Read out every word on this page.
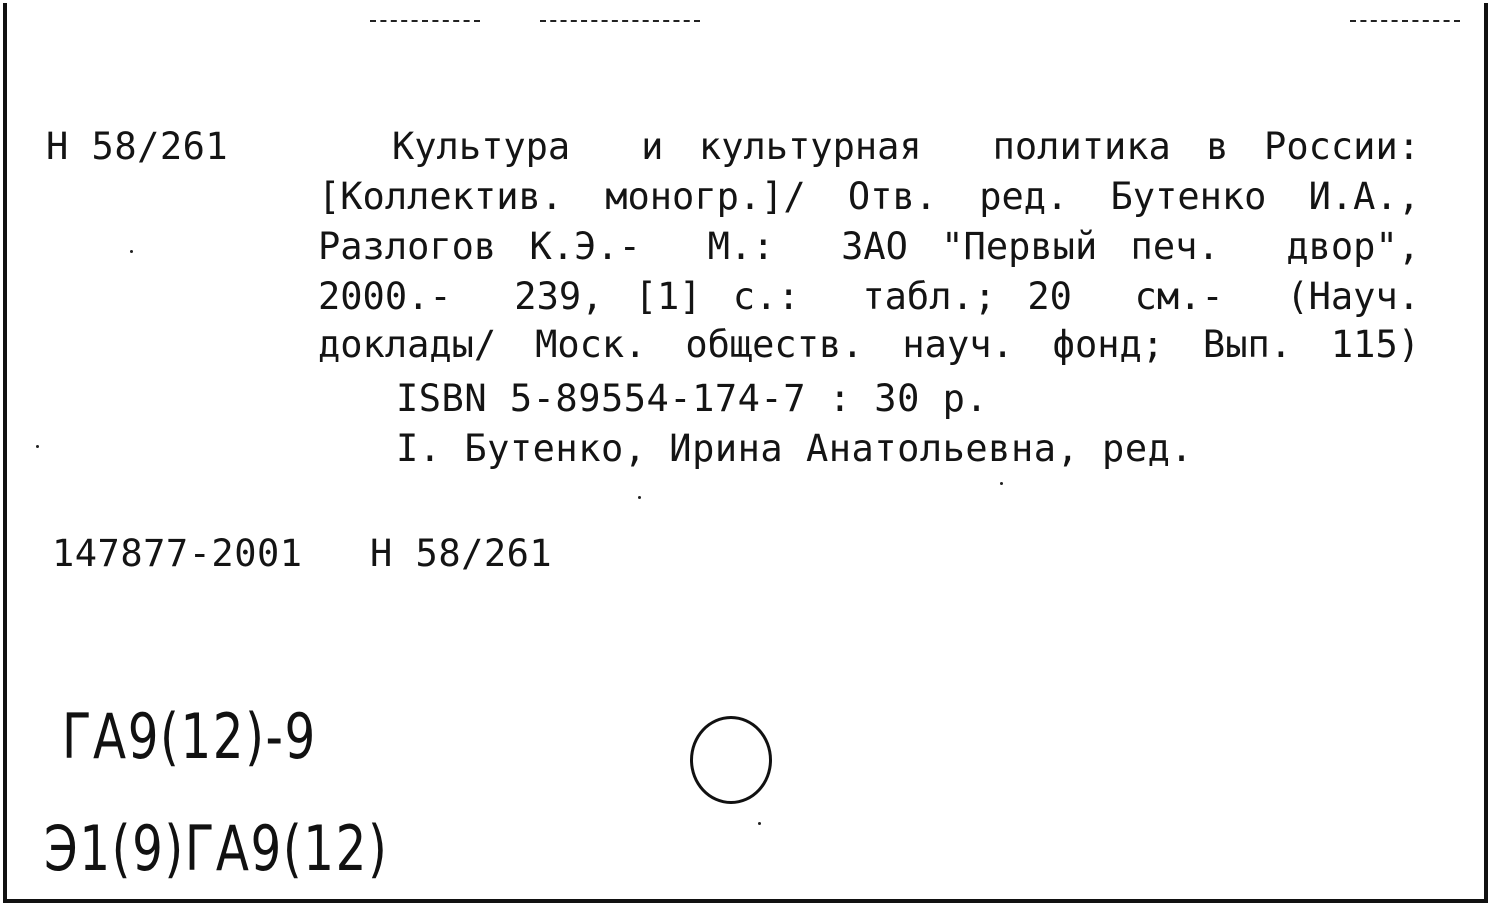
Н 58/261	Культура  и культурная  политика в России:
[Коллектив. моногр.]/ Отв. ред. Бутенко И.А.,
Разлогов К.Э.-  М.:  ЗАО "Первый печ.  двор",
2000.-  239, [1] с.:  табл.; 20  см.-  (Науч.
доклады/ Моск. обществ. науч. фонд; Вып. 115)
ISBN 5-89554-174-7 : 30 р.
I. Бутенко, Ирина Анатольевна, ред.
147877-2001 Н 58/261
ГА9(12)-9
Э1(9)ГА9(12)
